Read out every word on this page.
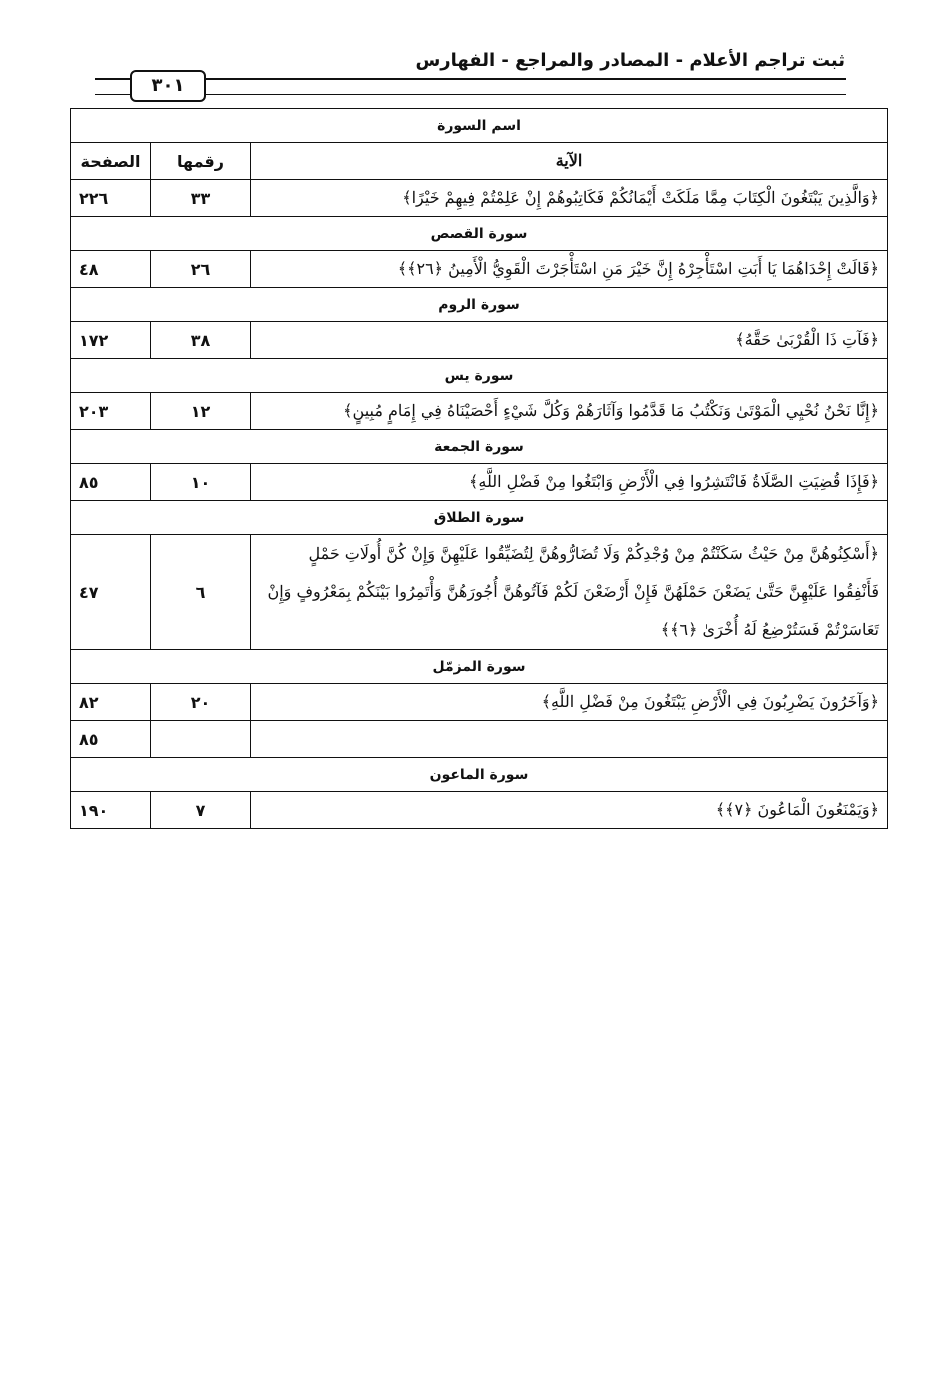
ثبت تراجم الأعلام - المصادر والمراجع - الفهارس
٣٠١
اسم السورة		
الآية	رقمها	الصفحة
﴿وَالَّذِينَ يَبْتَغُونَ الْكِتَابَ مِمَّا مَلَكَتْ أَيْمَانُكُمْ فَكَاتِبُوهُمْ إِنْ عَلِمْتُمْ فِيهِمْ خَيْرًا﴾	٣٣	٢٢٦
سورة القصص		
﴿قَالَتْ إِحْدَاهُمَا يَا أَبَتِ اسْتَأْجِرْهُ إِنَّ خَيْرَ مَنِ اسْتَأْجَرْتَ الْقَوِيُّ الْأَمِينُ ﴿٢٦﴾﴾	٢٦	٤٨
سورة الروم		
﴿فَآتِ ذَا الْقُرْبَىٰ حَقَّهُ﴾	٣٨	١٧٢
سورة يس		
﴿إِنَّا نَحْنُ نُحْيِي الْمَوْتَىٰ وَنَكْتُبُ مَا قَدَّمُوا وَآثَارَهُمْ وَكُلَّ شَيْءٍ أَحْصَيْنَاهُ فِي إِمَامٍ مُبِينٍ﴾	١٢	٢٠٣
سورة الجمعة		
﴿فَإِذَا قُضِيَتِ الصَّلَاةُ فَانْتَشِرُوا فِي الْأَرْضِ وَابْتَغُوا مِنْ فَضْلِ اللَّهِ﴾	١٠	٨٥
سورة الطلاق		
﴿أَسْكِنُوهُنَّ مِنْ حَيْثُ سَكَنْتُمْ مِنْ وُجْدِكُمْ وَلَا تُضَارُّوهُنَّ لِتُضَيِّقُوا عَلَيْهِنَّ وَإِنْ كُنَّ أُولَاتِ حَمْلٍ فَأَنْفِقُوا عَلَيْهِنَّ حَتَّىٰ يَضَعْنَ حَمْلَهُنَّ فَإِنْ أَرْضَعْنَ لَكُمْ فَآتُوهُنَّ أُجُورَهُنَّ وَأْتَمِرُوا بَيْنَكُمْ بِمَعْرُوفٍ وَإِنْ تَعَاسَرْتُمْ فَسَتُرْضِعُ لَهُ أُخْرَىٰ ﴿٦﴾﴾	٦	٤٧
سورة المزمّل		
﴿وَآخَرُونَ يَضْرِبُونَ فِي الْأَرْضِ يَبْتَغُونَ مِنْ فَضْلِ اللَّهِ﴾	٢٠	٨٢
		٨٥
سورة الماعون		
﴿وَيَمْنَعُونَ الْمَاعُونَ ﴿٧﴾﴾	٧	١٩٠
